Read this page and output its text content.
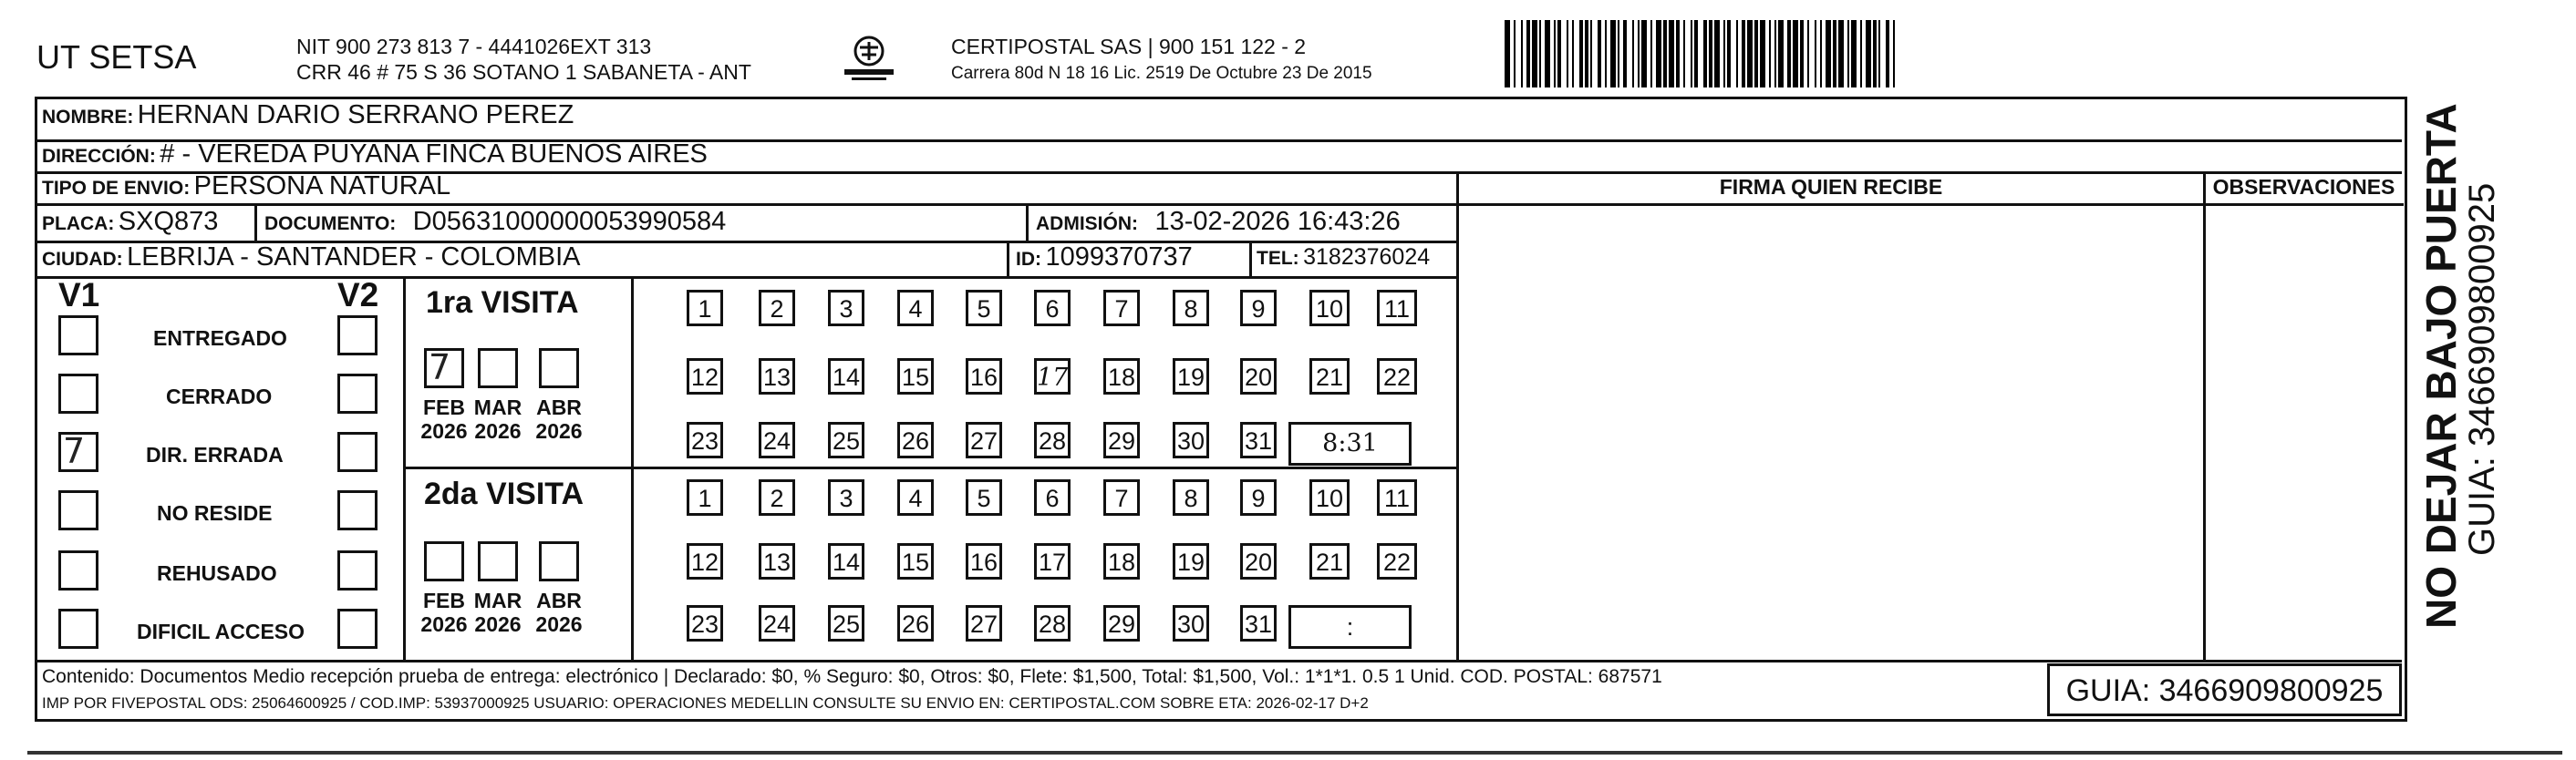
UT SETSA	NIT 900 273 813 7 - 4441026EXT 313
CRR 46 # 75 S 36 SOTANO 1 SABANETA - ANT
CERTIPOSTAL SAS | 900 151 122 - 2
Carrera 80d N 18 16 Lic. 2519 De Octubre 23 De 2015
NOMBRE: HERNAN DARIO SERRANO PEREZ
DIRECCIÓN: # - VEREDA PUYANA FINCA BUENOS AIRES
TIPO DE ENVIO: PERSONA NATURAL
PLACA: SXQ873 DOCUMENTO: D05631000000053990584	ADMISIÓN: 13-02-2026 16:43:26
CIUDAD: LEBRIJA - SANTANDER - COLOMBIA	ID: 1099370737	TEL: 3182376024
FIRMA QUIEN RECIBE	OBSERVACIONES
V1	V2
ENTREGADO
CERRADO
7	DIR. ERRADA
NO RESIDE
REHUSADO
DIFICIL ACCESO
1ra VISITA
7
FEB
2026
MAR
2026
ABR
2026
1	2	3	4	5	6	7	8	9	10 11
12 13 14 15 16 17 18 19 20 21 22
23 24 25 26 27 28 29 30 31	8:31
2da VISITA
FEB
2026
MAR
2026
ABR
2026
1	2	3	4	5	6	7	8	9	10 11
12 13 14 15 16 17 18 19 20 21 22
23 24 25 26 27 28 29 30 31	:
Contenido: Documentos Medio recepción prueba de entrega: electrónico | Declarado: $0, % Seguro: $0, Otros: $0, Flete: $1,500, Total: $1,500, Vol.: 1*1*1. 0.5 1 Unid. COD. POSTAL: 687571
IMP POR FIVEPOSTAL ODS: 25064600925 / COD.IMP: 53937000925 USUARIO: OPERACIONES MEDELLIN CONSULTE SU ENVIO EN: CERTIPOSTAL.COM SOBRE ETA: 2026-02-17 D+2	GUIA: 3466909800925
NO DEJAR BAJO PUERTA
GUIA: 3466909800925
